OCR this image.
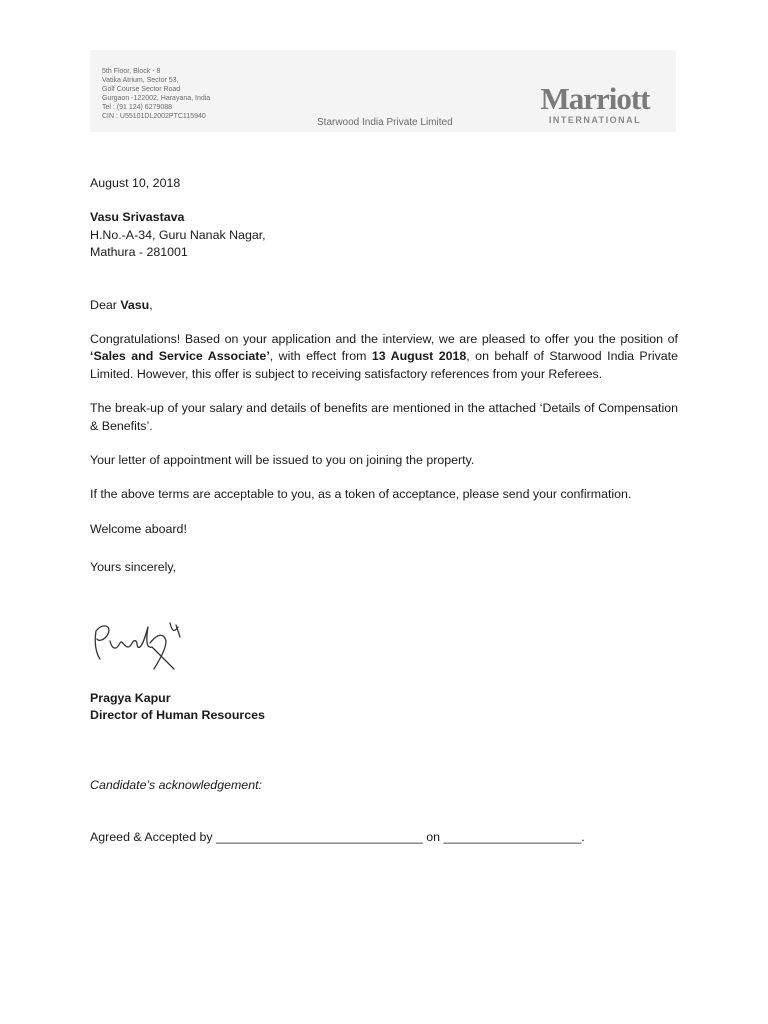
5th Floor, Block - 8
Vatika Atrium, Sector 53,
Golf Course Sector Road
Gurgaon -122002, Harayana, India
Tel : (91 124) 6279088
CIN : U55101DL2002PTC115940
Starwood India Private Limited
Marriott
INTERNATIONAL

August 10, 2018

Vasu Srivastava

H.No.-A-34, Guru Nanak Nagar,

Mathura - 281001

Dear Vasu,

Congratulations! Based on your application and the interview, we are pleased to offer you the position of ‘Sales and Service Associate’, with effect from 13 August 2018, on behalf of Starwood India Private Limited. However, this offer is subject to receiving satisfactory references from your Referees.

The break-up of your salary and details of benefits are mentioned in the attached ‘Details of Compensation & Benefits’.

Your letter of appointment will be issued to you on joining the property.

If the above terms are acceptable to you, as a token of acceptance, please send your confirmation.

Welcome aboard!

Yours sincerely,

Pragya Kapur
Director of Human Resources
Candidate’s acknowledgement:
Agreed & Accepted by ______________________________ on ____________________.
